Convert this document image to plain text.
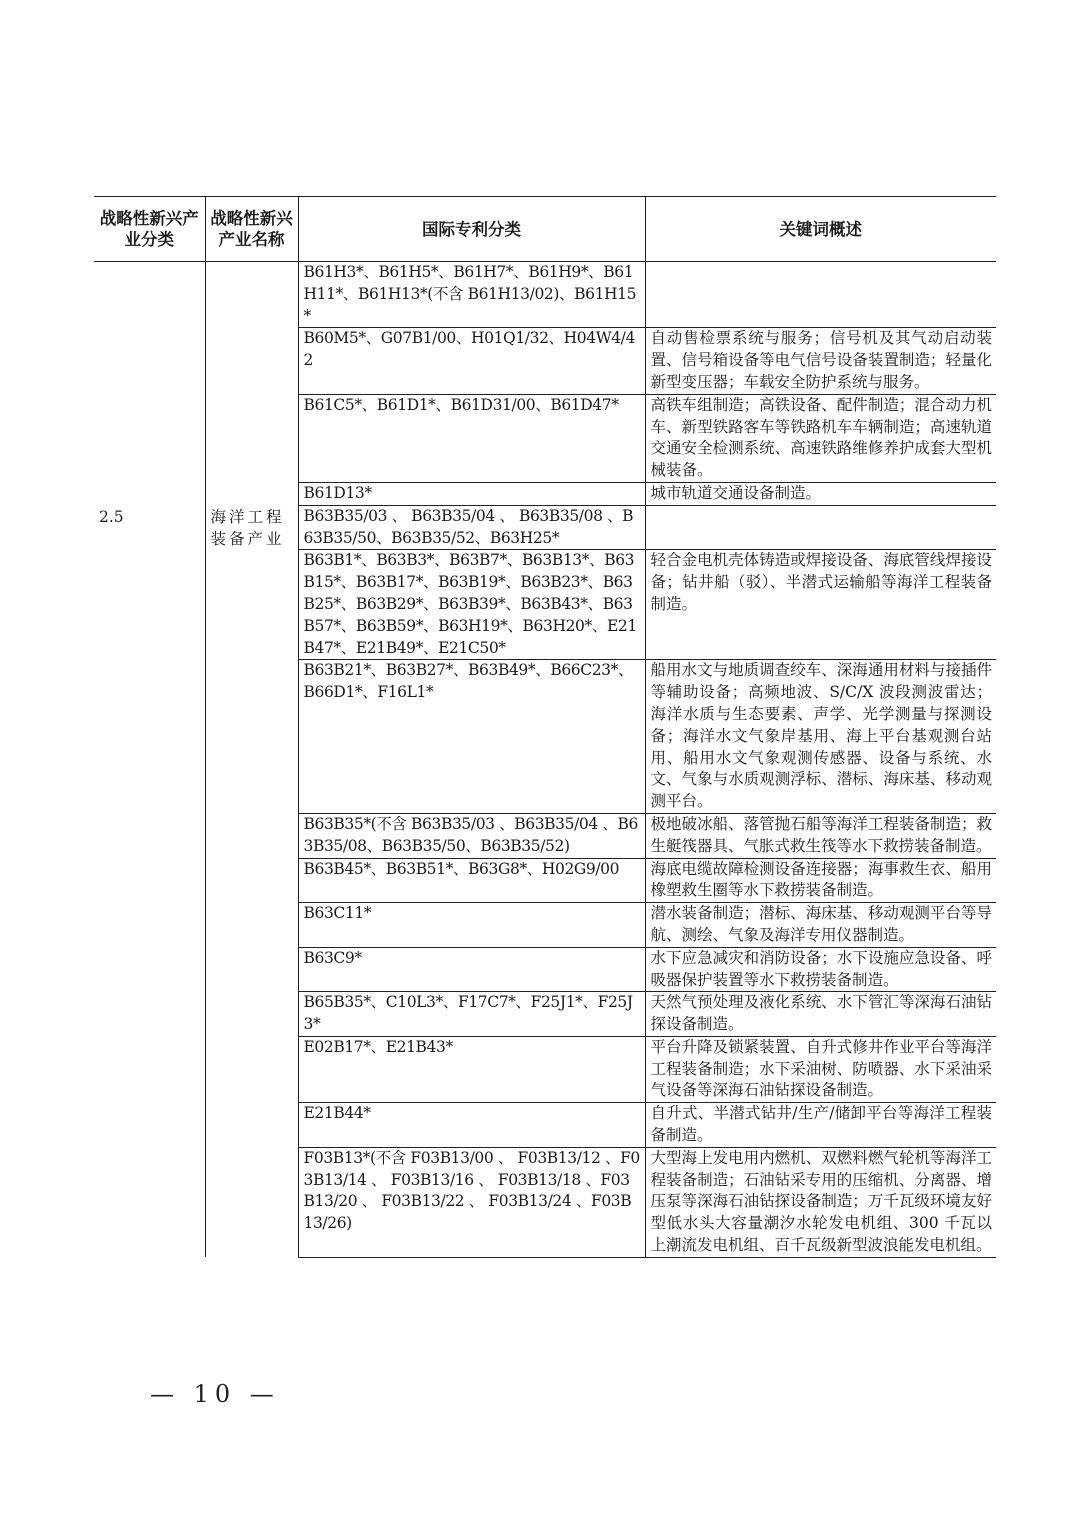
战略性新兴产业分类	战略性新兴产业名称	国际专利分类	关键词概述
		B61H3*、B61H5*、B61H7*、B61H9*、B61H11*、B61H13*(不含 B61H13/02)、B61H15*	
		B60M5*、G07B1/00、H01Q1/32、H04W4/42	自动售检票系统与服务；信号机及其气动启动装置、信号箱设备等电气信号设备装置制造；轻量化新型变压器；车载安全防护系统与服务。
		B61C5*、B61D1*、B61D31/00、B61D47*	高铁车组制造；高铁设备、配件制造；混合动力机车、新型铁路客车等铁路机车车辆制造；高速轨道交通安全检测系统、高速铁路维修养护成套大型机械装备。
		B61D13*	城市轨道交通设备制造。
2.5	海洋工程装备产业	B63B35/03 、 B63B35/04 、 B63B35/08 、B63B35/50、B63B35/52、B63H25*	
		B63B1*、B63B3*、B63B7*、B63B13*、B63B15*、B63B17*、B63B19*、B63B23*、B63B25*、B63B29*、B63B39*、B63B43*、B63B57*、B63B59*、B63H19*、B63H20*、E21B47*、E21B49*、E21C50*	轻合金电机壳体铸造或焊接设备、海底管线焊接设备；钻井船（驳）、半潜式运输船等海洋工程装备制造。
		B63B21*、B63B27*、B63B49*、B66C23*、B66D1*、F16L1*	船用水文与地质调查绞车、深海通用材料与接插件等辅助设备；高频地波、S/C/X 波段测波雷达；海洋水质与生态要素、声学、光学测量与探测设备；海洋水文气象岸基用、海上平台基观测台站用、船用水文气象观测传感器、设备与系统、水文、气象与水质观测浮标、潜标、海床基、移动观测平台。
		B63B35*(不含 B63B35/03 、B63B35/04 、B63B35/08、B63B35/50、B63B35/52)	极地破冰船、落管抛石船等海洋工程装备制造；救生艇筏器具、气胀式救生筏等水下救捞装备制造。
		B63B45*、B63B51*、B63G8*、H02G9/00	海底电缆故障检测设备连接器；海事救生衣、船用橡塑救生圈等水下救捞装备制造。
		B63C11*	潜水装备制造；潜标、海床基、移动观测平台等导航、测绘、气象及海洋专用仪器制造。
		B63C9*	水下应急减灾和消防设备；水下设施应急设备、呼吸器保护装置等水下救捞装备制造。
		B65B35*、C10L3*、F17C7*、F25J1*、F25J3*	天然气预处理及液化系统、水下管汇等深海石油钻探设备制造。
		E02B17*、E21B43*	平台升降及锁紧装置、自升式修井作业平台等海洋工程装备制造；水下采油树、防喷器、水下采油采气设备等深海石油钻探设备制造。
		E21B44*	自升式、半潜式钻井/生产/储卸平台等海洋工程装备制造。
		F03B13*(不含 F03B13/00 、 F03B13/12 、F03B13/14 、 F03B13/16 、 F03B13/18 、F03B13/20 、 F03B13/22 、 F03B13/24 、F03B13/26)	大型海上发电用内燃机、双燃料燃气轮机等海洋工程装备制造；石油钻采专用的压缩机、分离器、增压泵等深海石油钻探设备制造；万千瓦级环境友好型低水头大容量潮汐水轮发电机组、300 千瓦以上潮流发电机组、百千瓦级新型波浪能发电机组。
— 10 —
